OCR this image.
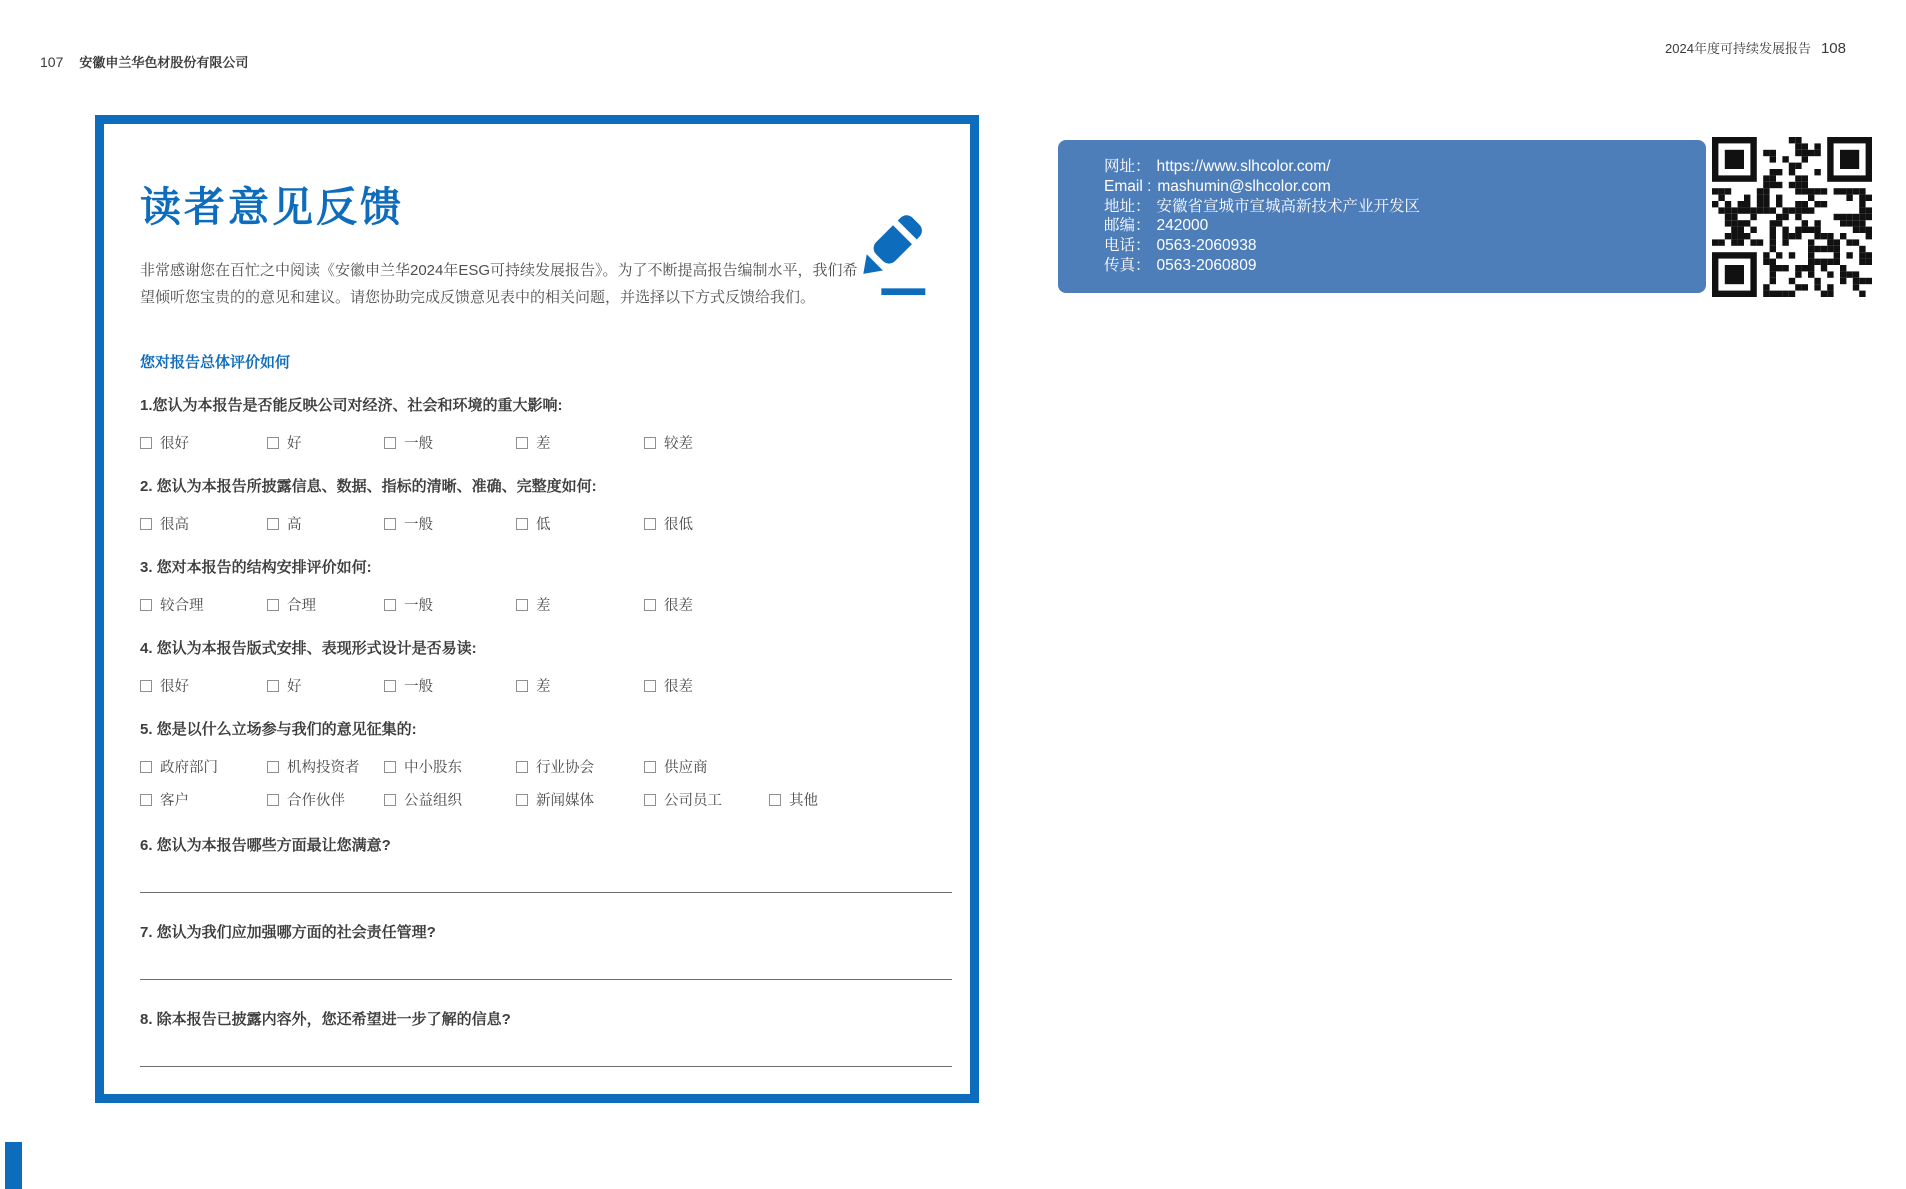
107 安徽申兰华色材股份有限公司
2024年度可持续发展报告 108
读者意见反馈
非常感谢您在百忙之中阅读《安徽申兰华2024年ESG可持续发展报告》。为了不断提高报告编制水平，我们希
望倾听您宝贵的的意见和建议。请您协助完成反馈意见表中的相关问题，并选择以下方式反馈给我们。
您对报告总体评价如何
1.您认为本报告是否能反映公司对经济、社会和环境的重大影响:
很好	好	一般	差	较差
2. 您认为本报告所披露信息、数据、指标的清晰、准确、完整度如何:
很高	高	一般	低	很低
3. 您对本报告的结构安排评价如何:
较合理	合理	一般	差	很差
4. 您认为本报告版式安排、表现形式设计是否易读:
很好	好	一般	差	很差
5. 您是以什么立场参与我们的意见征集的:
政府部门	机构投资者	中小股东	行业协会	供应商
客户	合作伙伴	公益组织	新闻媒体	公司员工	其他
6. 您认为本报告哪些方面最让您满意?
7. 您认为我们应加强哪方面的社会责任管理?
8. 除本报告已披露内容外，您还希望进一步了解的信息?
网址： https://www.slhcolor.com/
Email : mashumin@slhcolor.com
地址： 安徽省宣城市宣城高新技术产业开发区
邮编： 242000
电话： 0563-2060938
传真： 0563-2060809
